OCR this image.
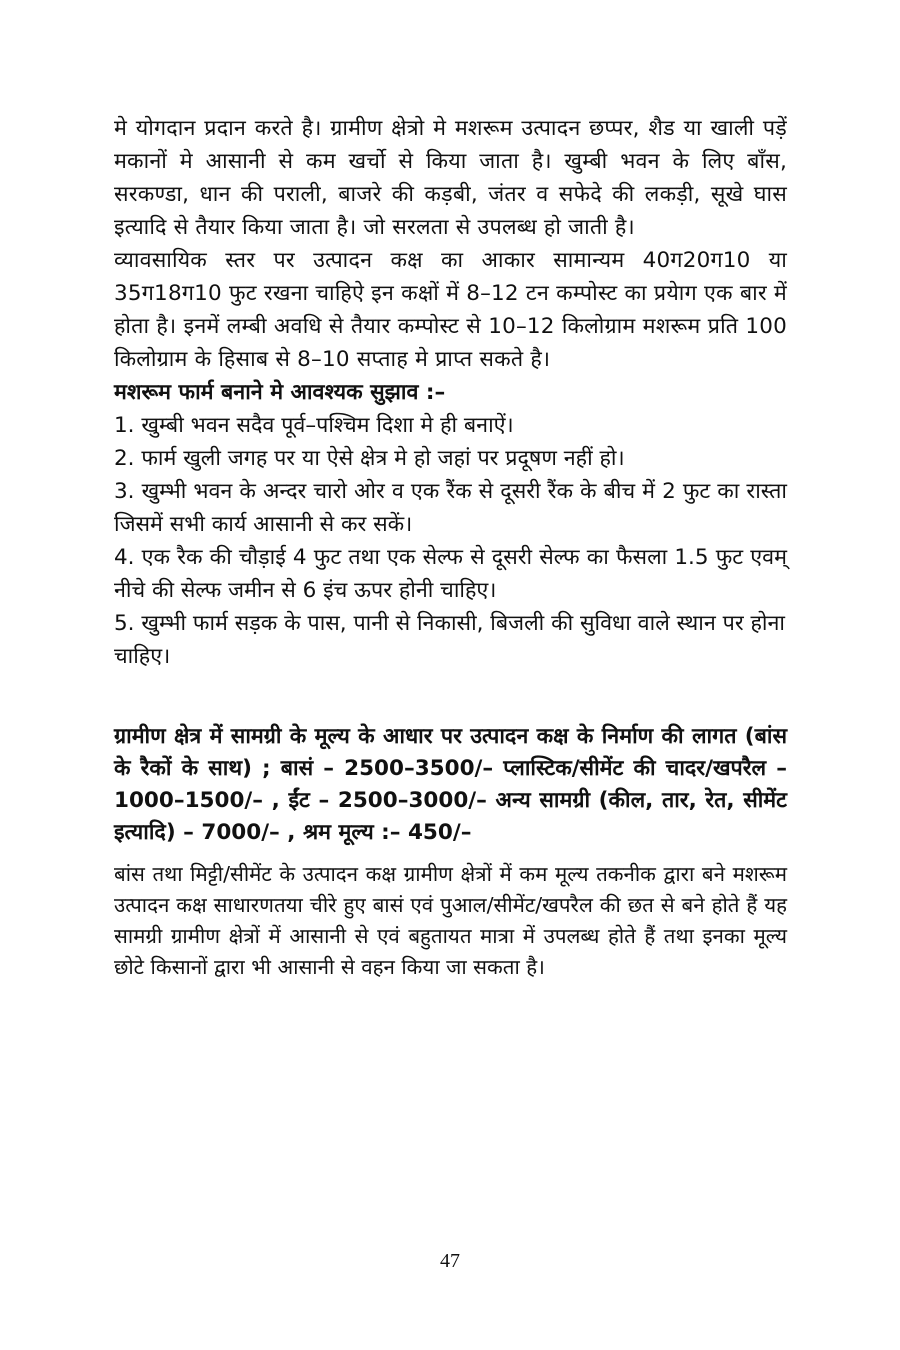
मे योगदान प्रदान करते है। ग्रामीण क्षेत्रो मे मशरूम उत्पादन छप्पर, शैड या खाली पड़ें मकानों मे आसानी से कम खर्चो से किया जाता है। खुम्बी भवन के लिए बाँस, सरकण्डा, धान की पराली, बाजरे की कड़बी, जंतर व सफेदे की लकड़ी, सूखे घास इत्यादि से तैयार किया जाता है। जो सरलता से उपलब्ध हो जाती है।

व्यावसायिक स्तर पर उत्पादन कक्ष का आकार सामान्यम 40ग20ग10 या 35ग18ग10 फुट रखना चाहिऐ इन कक्षों में 8–12 टन कम्पोस्ट का प्रयेाग एक बार में होता है। इनमें लम्बी अवधि से तैयार कम्पोस्ट से 10–12 किलोग्राम मशरूम प्रति 100 किलोग्राम के हिसाब से 8–10 सप्ताह मे प्राप्त सकते है।

मशरूम फार्म बनाने मे आवश्यक सुझाव :–

1. खुम्बी भवन सदैव पूर्व–पश्चिम दिशा मे ही बनाऐं।

2. फार्म खुली जगह पर या ऐसे क्षेत्र मे हो जहां पर प्रदूषण नहीं हो।

3. खुम्भी भवन के अन्दर चारो ओर व एक रैंक से दूसरी रैंक के बीच में 2 फुट का रास्ता जिसमें सभी कार्य आसानी से कर सकें।

4. एक रैक की चौड़ाई 4 फुट तथा एक सेल्फ से दूसरी सेल्फ का फैसला 1.5 फुट एवम् नीचे की सेल्फ जमीन से 6 इंच ऊपर होनी चाहिए।

5. खुम्भी फार्म सड़क के पास, पानी से निकासी, बिजली की सुविधा वाले स्थान पर होना
चाहिए।

ग्रामीण क्षेत्र में सामग्री के मूल्य के आधार पर उत्पादन कक्ष के निर्माण की लागत (बांस के रैकों के साथ) ; बासं – 2500–3500/– प्लास्टिक/सीमेंट की चादर/खपरैल – 1000–1500/– , ईंट – 2500–3000/– अन्य सामग्री (कील, तार, रेत, सीमेंट इत्यादि) – 7000/– , श्रम मूल्य :– 450/–

बांस तथा मिट्टी/सीमेंट के उत्पादन कक्ष ग्रामीण क्षेत्रों में कम मूल्य तकनीक द्वारा बने मशरूम उत्पादन कक्ष साधारणतया चीरे हुए बासं एवं पुआल/सीमेंट/खपरैल की छत से बने होते हैं यह सामग्री ग्रामीण क्षेत्रों में आसानी से एवं बहुतायत मात्रा में उपलब्ध होते हैं तथा इनका मूल्य छोटे किसानों द्वारा भी आसानी से वहन किया जा सकता है।

47
